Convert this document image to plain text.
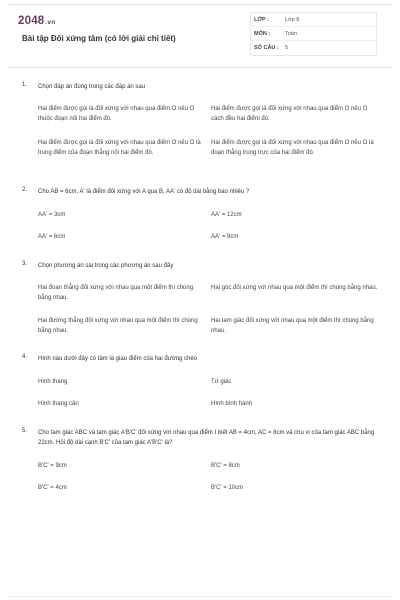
2048.vn
Bài tập Đối xứng tâm (có lời giải chi tiết)
LỚP :	Lớp 8
MÔN :	Toán
SỐ CÂU : 5
1. Chọn đáp án đúng trong các đáp án sau
Hai điểm được gọi là đối xứng với nhau qua điểm O nếu O thuộc đoạn nối hai điểm đó.
Hai điểm được gọi là đối xứng với nhau qua điểm O nếu O cách đều hai điểm đó.
Hai điểm được gọi là đối xứng với nhau qua điểm O nếu O là trung điểm của đoạn thẳng nối hai điểm đó.
Hai điểm được gọi là đối xứng với nhau qua điểm O nếu O là đoạn thẳng trung trực của hai điểm đó.
2. Cho AB = 6cm, A' là điểm đối xứng với A qua B, AA' có độ dài bằng bao nhiêu ?
AA' = 3cm	AA' = 12cm
AA' = 6cm	AA' = 9cm
3. Chọn phương án sai trong các phương án sau đây
Hai đoạn thẳng đối xứng với nhau qua một điểm thì chúng bằng nhau.
Hai góc đối xứng với nhau qua một điểm thì chúng bằng nhau.
Hai đường thẳng đối xứng với nhau qua một điểm thì chúng bằng nhau.
Hai tam giác đối xứng với nhau qua một điểm thì chúng bằng nhau.
4. Hình nào dưới đây có tâm là giao điểm của hai đường chéo
Hình thang	Tứ giác
Hình thang cân	Hình bình hành
5. Cho tam giác ABC và tam giác A'B'C' đối xứng với nhau qua điểm I biết AB = 4cm, AC = 8cm và chu vi của tam giác ABC bằng 22cm. Hỏi độ dài cạnh B'C' của tam giác A'B'C' là?
B'C' = 9cm	B'C' = 8cm
B'C' = 4cm	B'C' = 10cm
